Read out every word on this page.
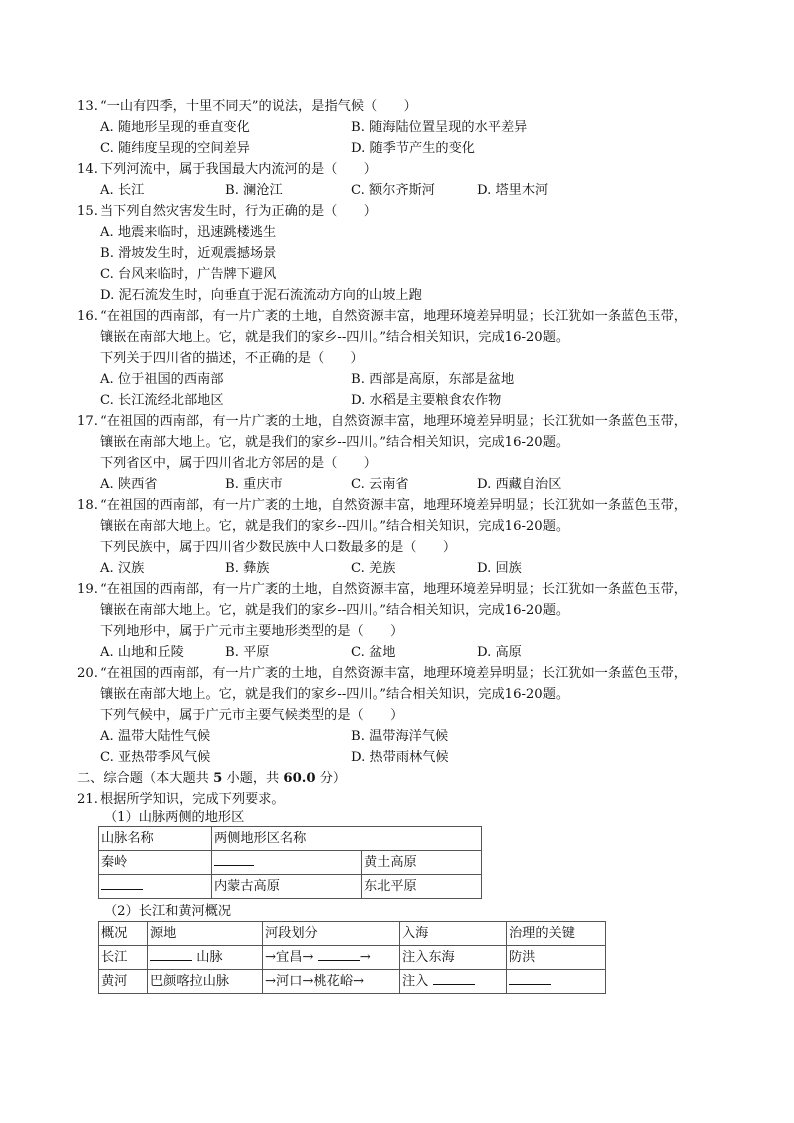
13. “一山有四季，十里不同天”的说法，是指气候（　　）
A. 随地形呈现的垂直变化	B. 随海陆位置呈现的水平差异
C. 随纬度呈现的空间差异	D. 随季节产生的变化
14. 下列河流中，属于我国最大内流河的是（　　）
A. 长江	B. 澜沧江	C. 额尔齐斯河	D. 塔里木河
15. 当下列自然灾害发生时，行为正确的是（　　）
A. 地震来临时，迅速跳楼逃生
B. 滑坡发生时，近观震撼场景
C. 台风来临时，广告牌下避风
D. 泥石流发生时，向垂直于泥石流流动方向的山坡上跑
16. “在祖国的西南部，有一片广袤的土地，自然资源丰富，地理环境差异明显；长江犹如一条蓝色玉带，
镶嵌在南部大地上。它，就是我们的家乡--四川。”结合相关知识，完成16-20题。
下列关于四川省的描述，不正确的是（　　）
A. 位于祖国的西南部	B. 西部是高原，东部是盆地
C. 长江流经北部地区	D. 水稻是主要粮食农作物
17. “在祖国的西南部，有一片广袤的土地，自然资源丰富，地理环境差异明显；长江犹如一条蓝色玉带，
镶嵌在南部大地上。它，就是我们的家乡--四川。”结合相关知识，完成16-20题。
下列省区中，属于四川省北方邻居的是（　　）
A. 陕西省	B. 重庆市	C. 云南省	D. 西藏自治区
18. “在祖国的西南部，有一片广袤的土地，自然资源丰富，地理环境差异明显；长江犹如一条蓝色玉带，
镶嵌在南部大地上。它，就是我们的家乡--四川。”结合相关知识，完成16-20题。
下列民族中，属于四川省少数民族中人口数最多的是（　　）
A. 汉族	B. 彝族	C. 羌族	D. 回族
19. “在祖国的西南部，有一片广袤的土地，自然资源丰富，地理环境差异明显；长江犹如一条蓝色玉带，
镶嵌在南部大地上。它，就是我们的家乡--四川。”结合相关知识，完成16-20题。
下列地形中，属于广元市主要地形类型的是（　　）
A. 山地和丘陵	B. 平原	C. 盆地	D. 高原
20. “在祖国的西南部，有一片广袤的土地，自然资源丰富，地理环境差异明显；长江犹如一条蓝色玉带，
镶嵌在南部大地上。它，就是我们的家乡--四川。”结合相关知识，完成16-20题。
下列气候中，属于广元市主要气候类型的是（　　）
A. 温带大陆性气候	B. 温带海洋气候
C. 亚热带季风气候	D. 热带雨林气候
二、综合题（本大题共 5 小题，共 60.0 分）
21. 根据所学知识，完成下列要求。
（1）山脉两侧的地形区
山脉名称	两侧地形区名称	
秦岭		黄土高原
	内蒙古高原	东北平原
（2）长江和黄河概况
概况	源地	河段划分	入海	治理的关键
长江	山脉	→宜昌→ →	注入东海	防洪
黄河	巴颜喀拉山脉	→河口→桃花峪→	注入	
